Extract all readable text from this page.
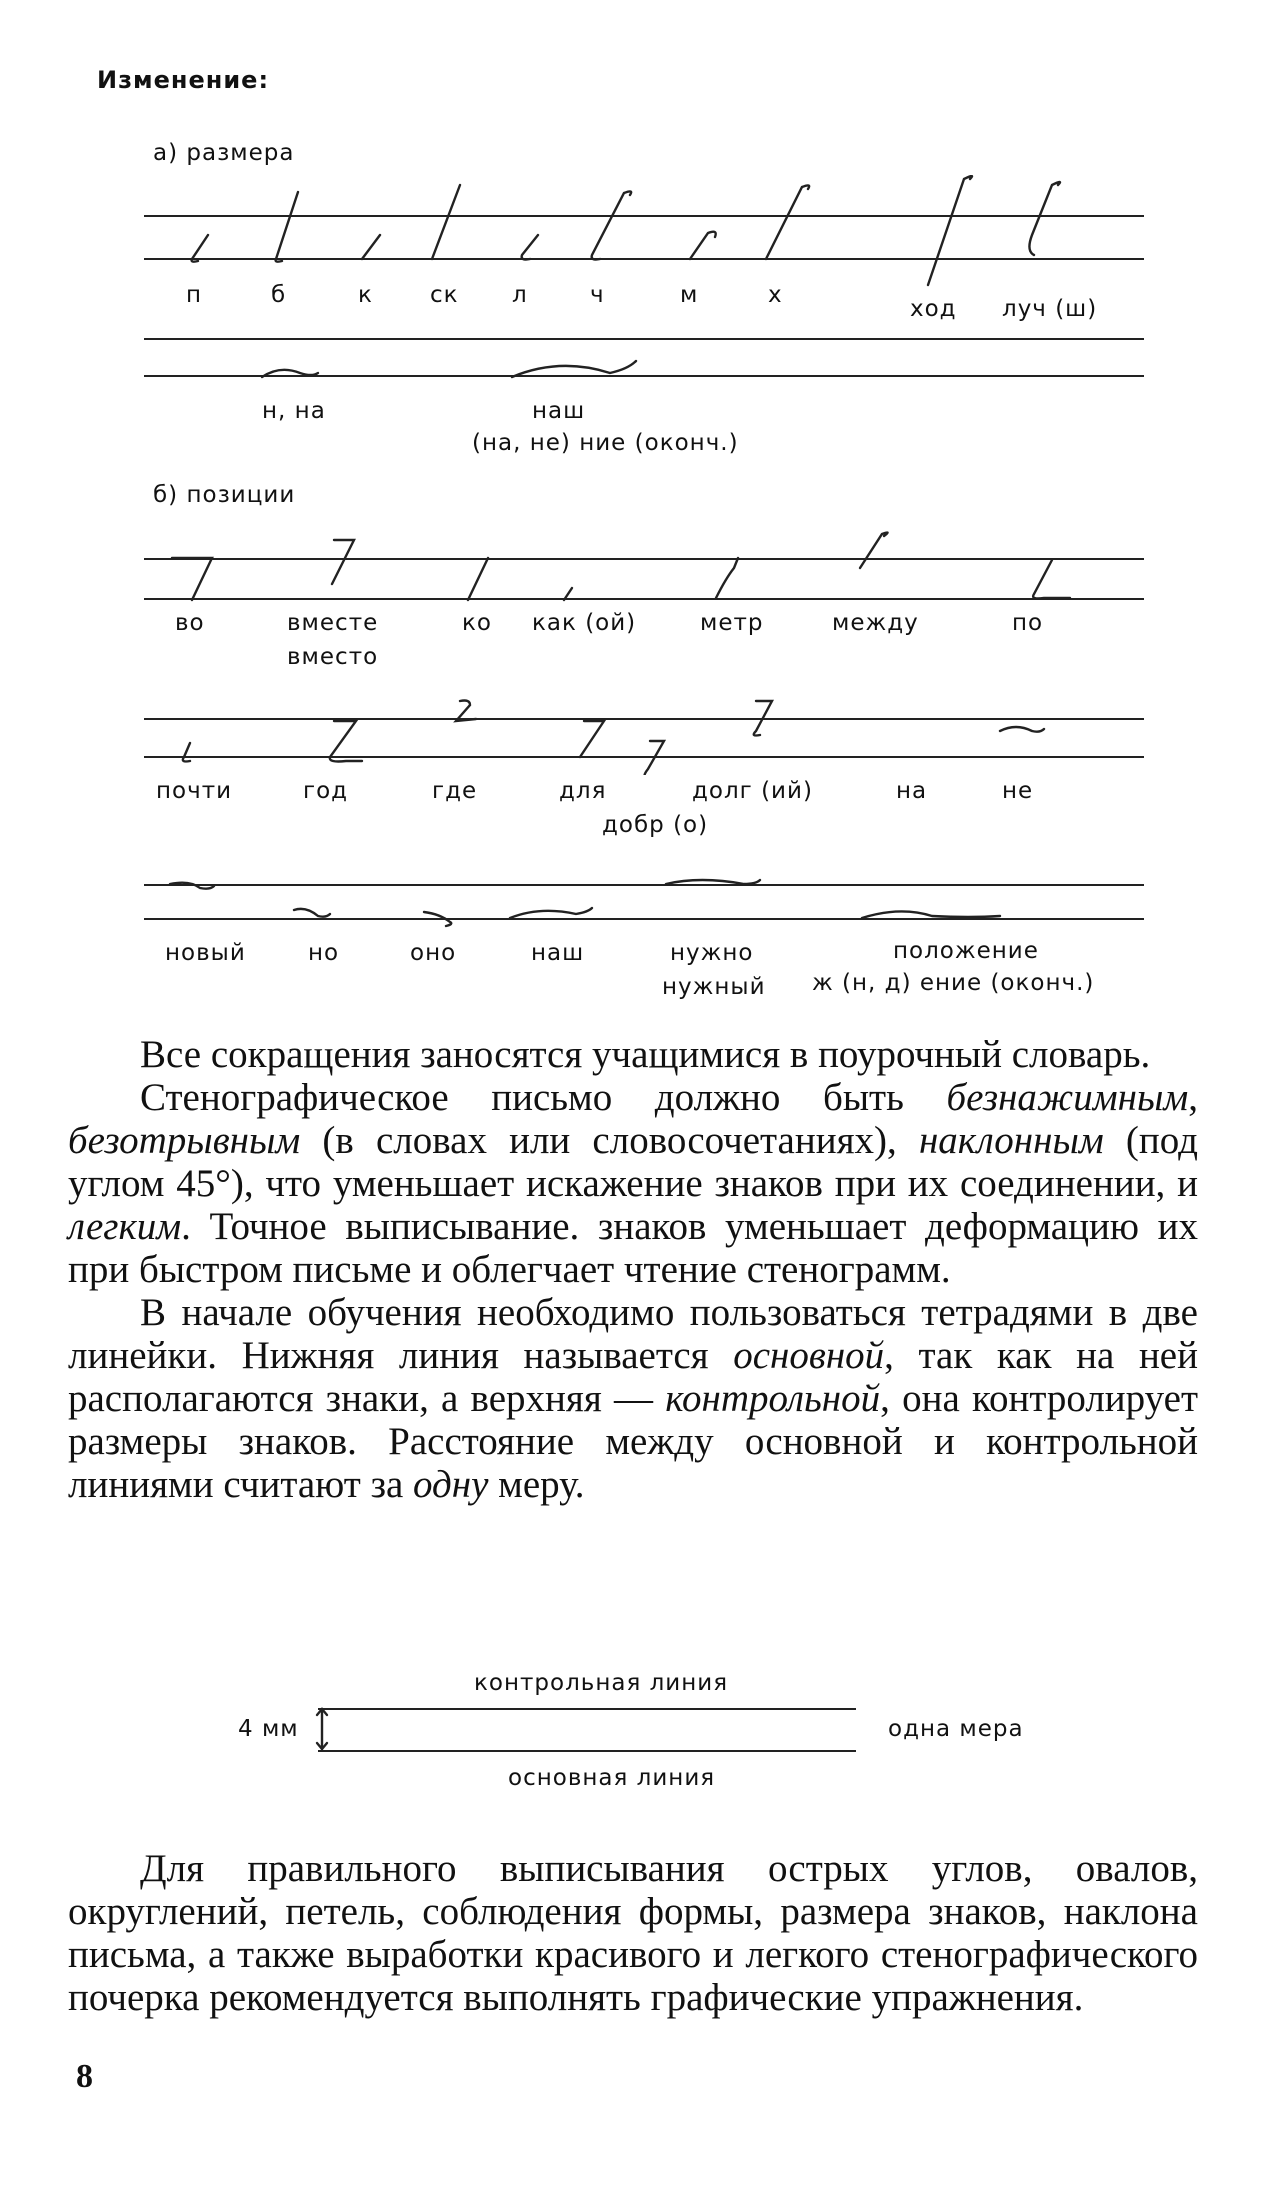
Изменение:
а) размера
п	б	к ск л	ч	м	х
ход луч (ш)
н, на	наш
(на, не) ние (оконч.)
б) позиции
во	вместе
вместо
ко как (ой)	метр	между	по
почти	год	где	для	долг (ий)
добр (о)
на	не
новый	но	оно	наш	нужно
нужный
положение
ж (н, д) ение (оконч.)

Все сокращения заносятся учащимися в поурочный словарь.

Стенографическое письмо должно быть безнажимным, безотрывным (в словах или словосочетаниях), наклонным (под углом 45°), что уменьшает искажение знаков при их соединении, и легким. Точное выписывание. знаков уменьшает деформацию их при быстром письме и облегчает чтение стенограмм.

В начале обучения необходимо пользоваться тетрадями в две линейки. Нижняя линия называется основной, так как на ней располагаются знаки, а верхняя — контрольной, она контролирует размеры знаков. Расстояние между основной и контрольной линиями считают за одну меру.

контрольная линия
4 мм	одна мера
основная линия

Для правильного выписывания острых углов, овалов, округлений, петель, соблюдения формы, размера знаков, наклона письма, а также выработки красивого и легкого стенографического почерка рекомендуется выполнять графические упражнения.

8
